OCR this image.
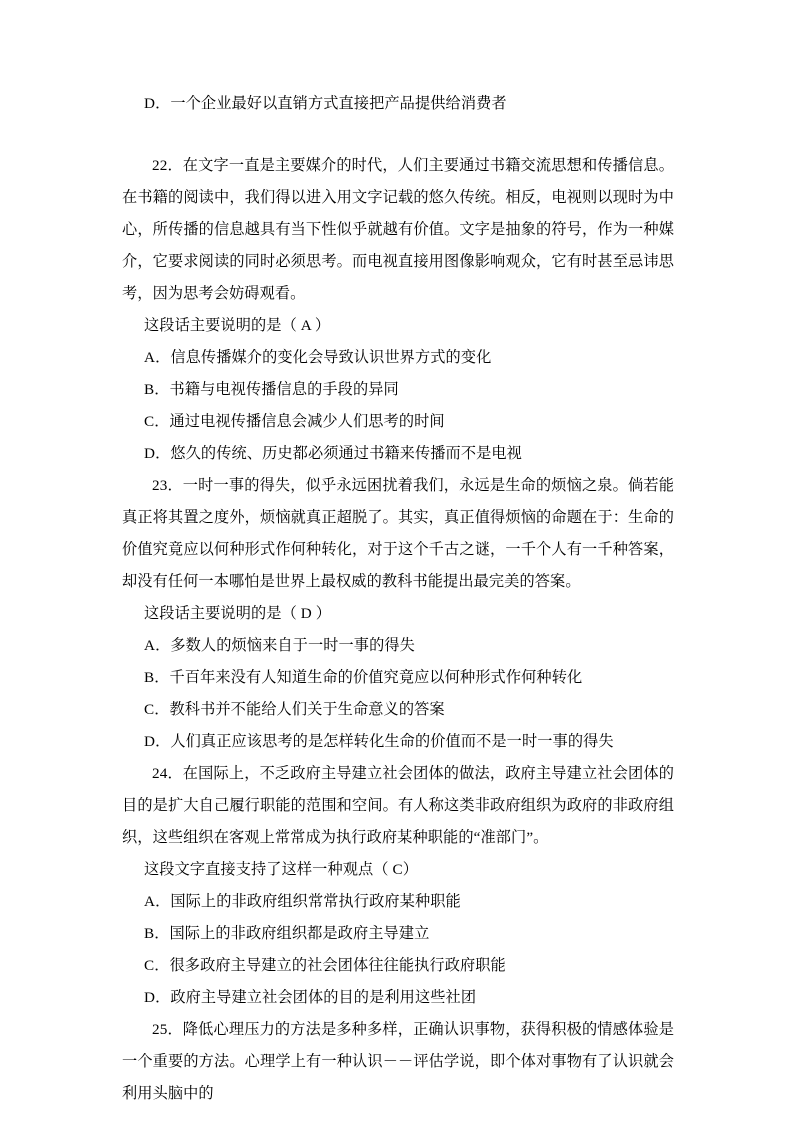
D．一个企业最好以直销方式直接把产品提供给消费者
22．在文字一直是主要媒介的时代，人们主要通过书籍交流思想和传播信息。在书籍的阅读中，我们得以进入用文字记载的悠久传统。相反，电视则以现时为中心，所传播的信息越具有当下性似乎就越有价值。文字是抽象的符号，作为一种媒介，它要求阅读的同时必须思考。而电视直接用图像影响观众，它有时甚至忌讳思考，因为思考会妨碍观看。
这段话主要说明的是（ A ）
A．信息传播媒介的变化会导致认识世界方式的变化
B．书籍与电视传播信息的手段的异同
C．通过电视传播信息会减少人们思考的时间
D．悠久的传统、历史都必须通过书籍来传播而不是电视
23．一时一事的得失，似乎永远困扰着我们，永远是生命的烦恼之泉。倘若能真正将其置之度外，烦恼就真正超脱了。其实，真正值得烦恼的命题在于：生命的价值究竟应以何种形式作何种转化，对于这个千古之谜，一千个人有一千种答案，却没有任何一本哪怕是世界上最权威的教科书能提出最完美的答案。
这段话主要说明的是（ D ）
A．多数人的烦恼来自于一时一事的得失
B．千百年来没有人知道生命的价值究竟应以何种形式作何种转化
C．教科书并不能给人们关于生命意义的答案
D．人们真正应该思考的是怎样转化生命的价值而不是一时一事的得失
24．在国际上，不乏政府主导建立社会团体的做法，政府主导建立社会团体的目的是扩大自己履行职能的范围和空间。有人称这类非政府组织为政府的非政府组织，这些组织在客观上常常成为执行政府某种职能的“准部门”。
这段文字直接支持了这样一种观点（ C）
A．国际上的非政府组织常常执行政府某种职能
B．国际上的非政府组织都是政府主导建立
C．很多政府主导建立的社会团体往往能执行政府职能
D．政府主导建立社会团体的目的是利用这些社团
25．降低心理压力的方法是多种多样，正确认识事物，获得积极的情感体验是一个重要的方法。心理学上有一种认识－－评估学说，即个体对事物有了认识就会利用头脑中的
